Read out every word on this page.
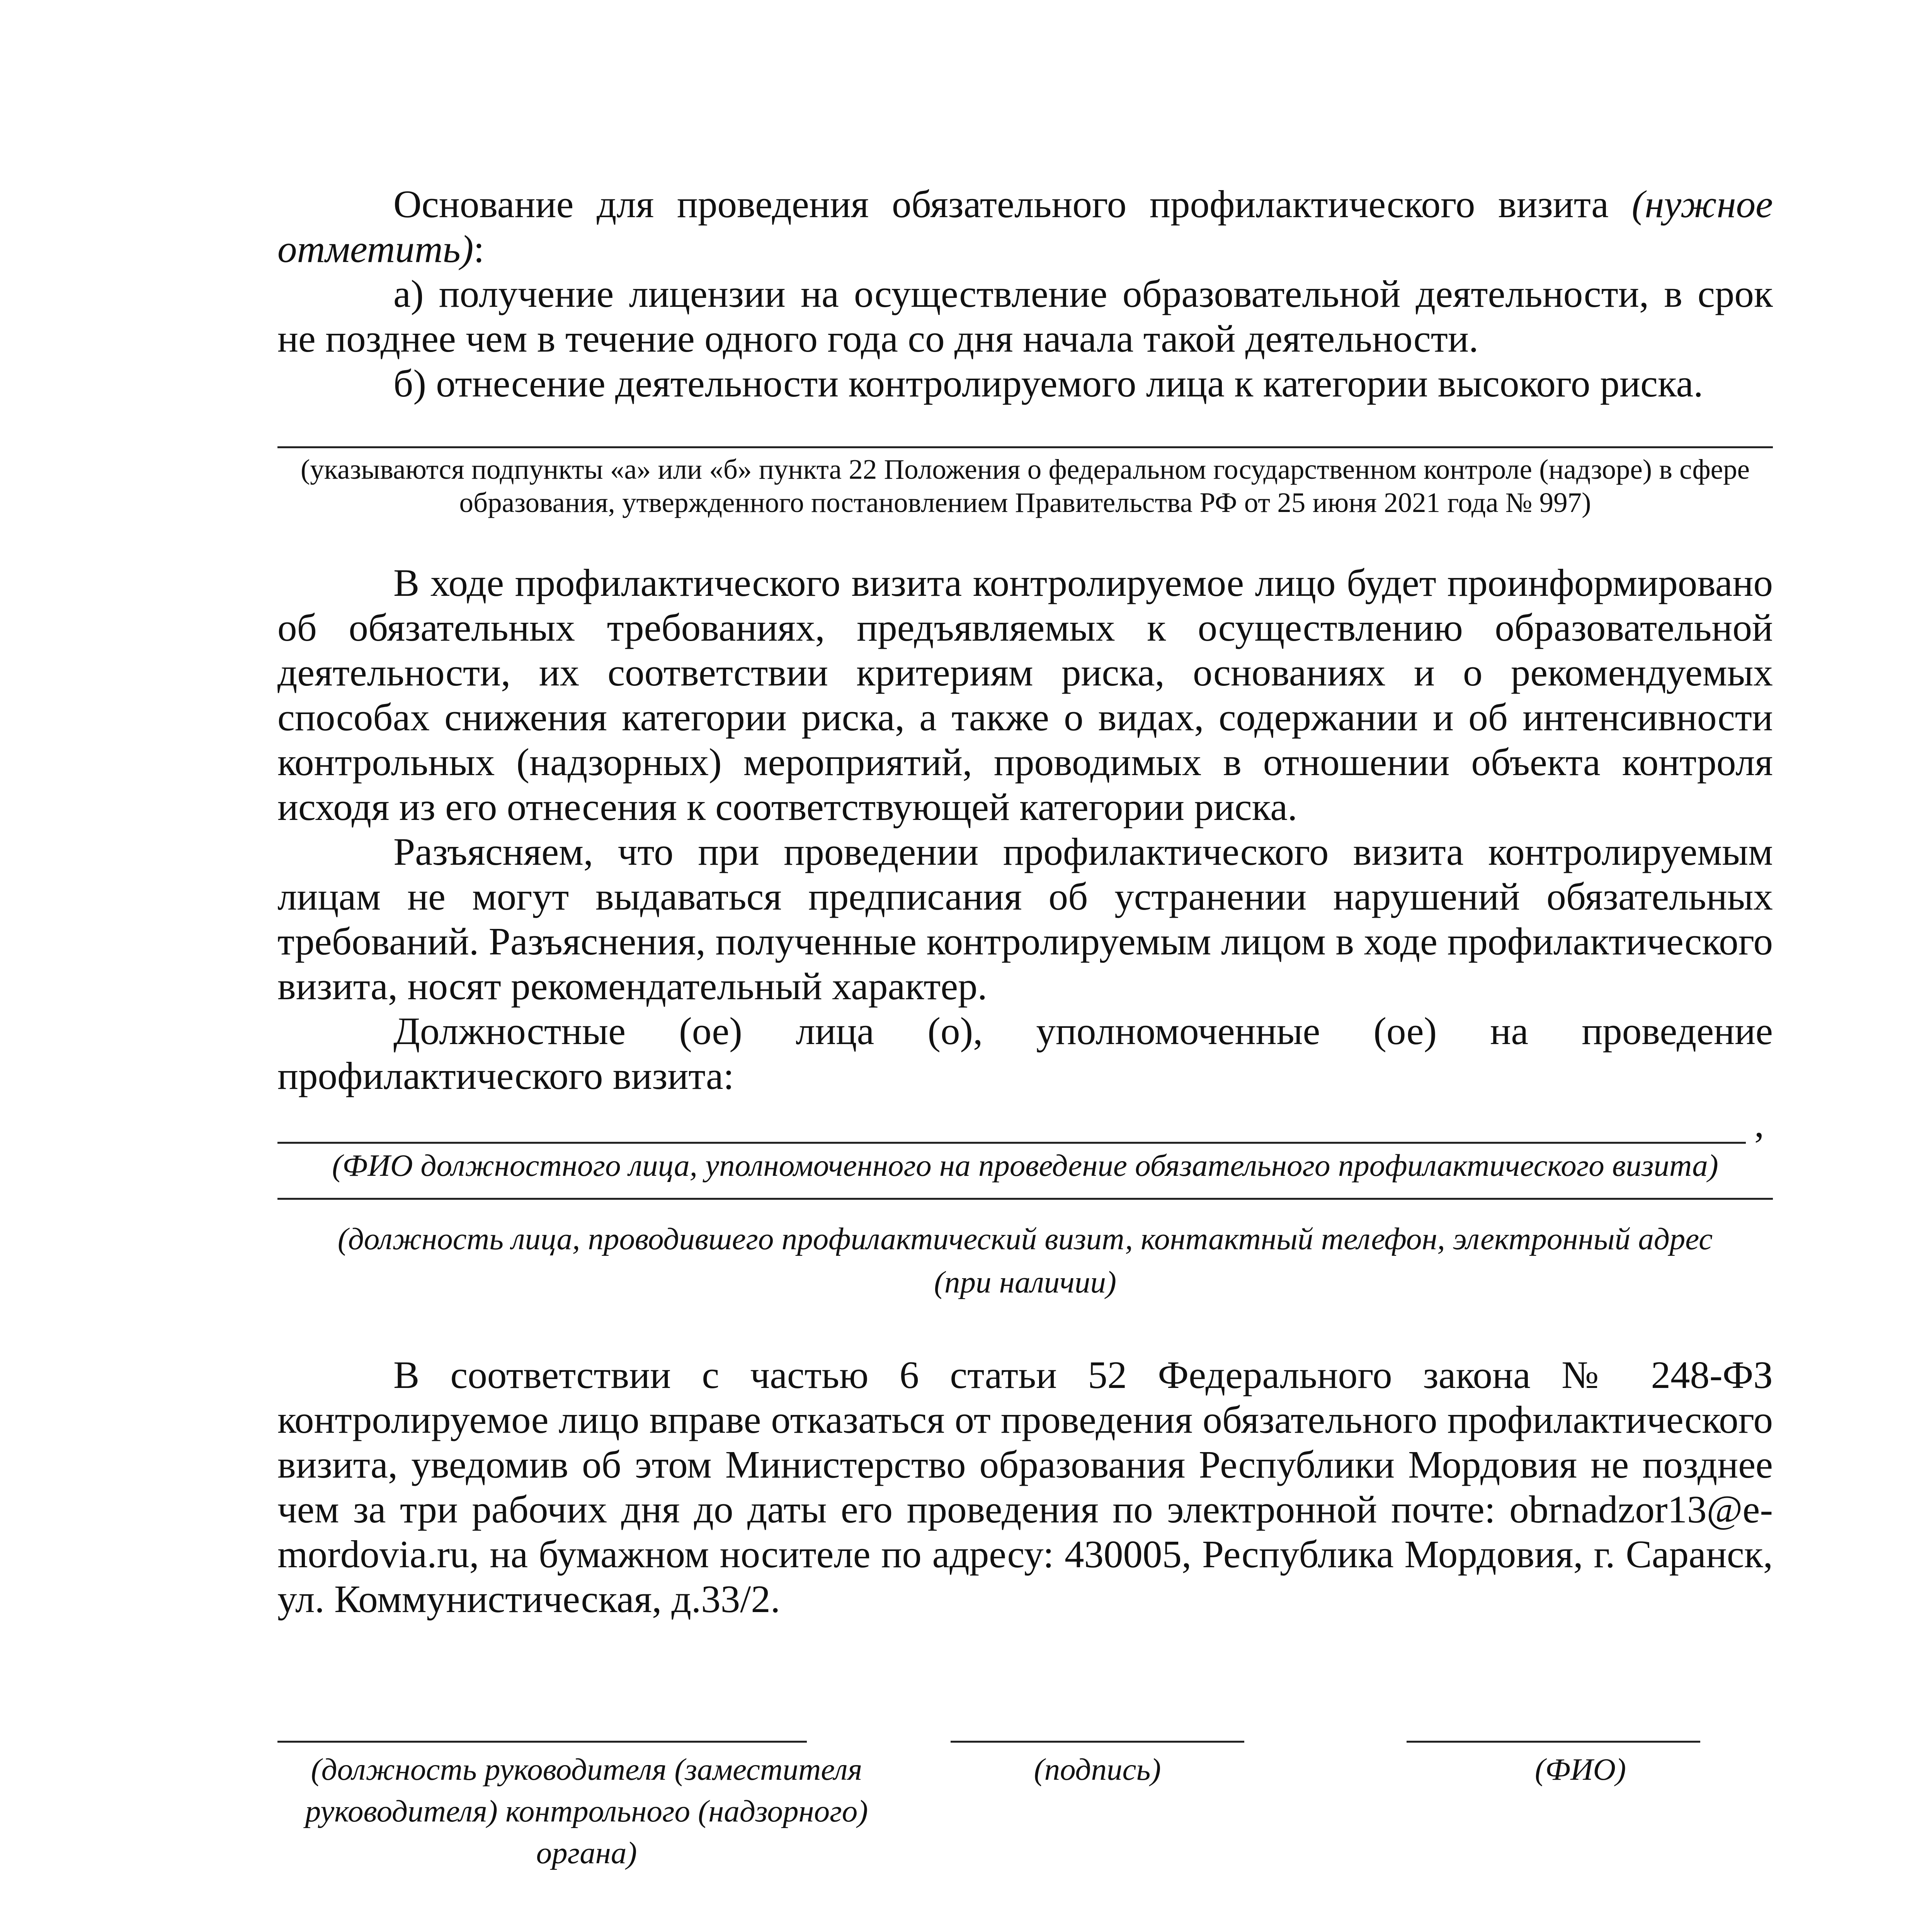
Основание для проведения обязательного профилактического визита (нужное отметить):

а) получение лицензии на осуществление образовательной деятельности, в срок не позднее чем в течение одного года со дня начала такой деятельности.

б) отнесение деятельности контролируемого лица к категории высокого риска.

(указываются подпункты «а» или «б» пункта 22 Положения о федеральном государственном контроле (надзоре) в сфере образования, утвержденного постановлением Правительства РФ от 25 июня 2021 года № 997)

В ходе профилактического визита контролируемое лицо будет проинформировано об обязательных требованиях, предъявляемых к осуществлению образовательной деятельности, их соответствии критериям риска, основаниях и о рекомендуемых способах снижения категории риска, а также о видах, содержании и об интенсивности контрольных (надзорных) мероприятий, проводимых в отношении объекта контроля исходя из его отнесения к соответствующей категории риска.

Разъясняем, что при проведении профилактического визита контролируемым лицам не могут выдаваться предписания об устранении нарушений обязательных требований. Разъяснения, полученные контролируемым лицом в ходе профилактического визита, носят рекомендательный характер.

Должностные (ое) лица (о), уполномоченные (ое) на проведение профилактического визита:

,

(ФИО должностного лица, уполномоченного на проведение обязательного профилактического визита)

(должность лица, проводившего профилактический визит, контактный телефон, электронный адрес (при наличии)

В соответствии с частью 6 статьи 52 Федерального закона № 248-ФЗ контролируемое лицо вправе отказаться от проведения обязательного профилактического визита, уведомив об этом Министерство образования Республики Мордовия не позднее чем за три рабочих дня до даты его проведения по электронной почте: obrnadzor13@e-mordovia.ru, на бумажном носителе по адресу: 430005, Республика Мордовия, г. Саранск, ул. Коммунистическая, д.33/2.

(должность руководителя (заместителя руководителя) контрольного (надзорного) органа)
(подпись)	(ФИО)
